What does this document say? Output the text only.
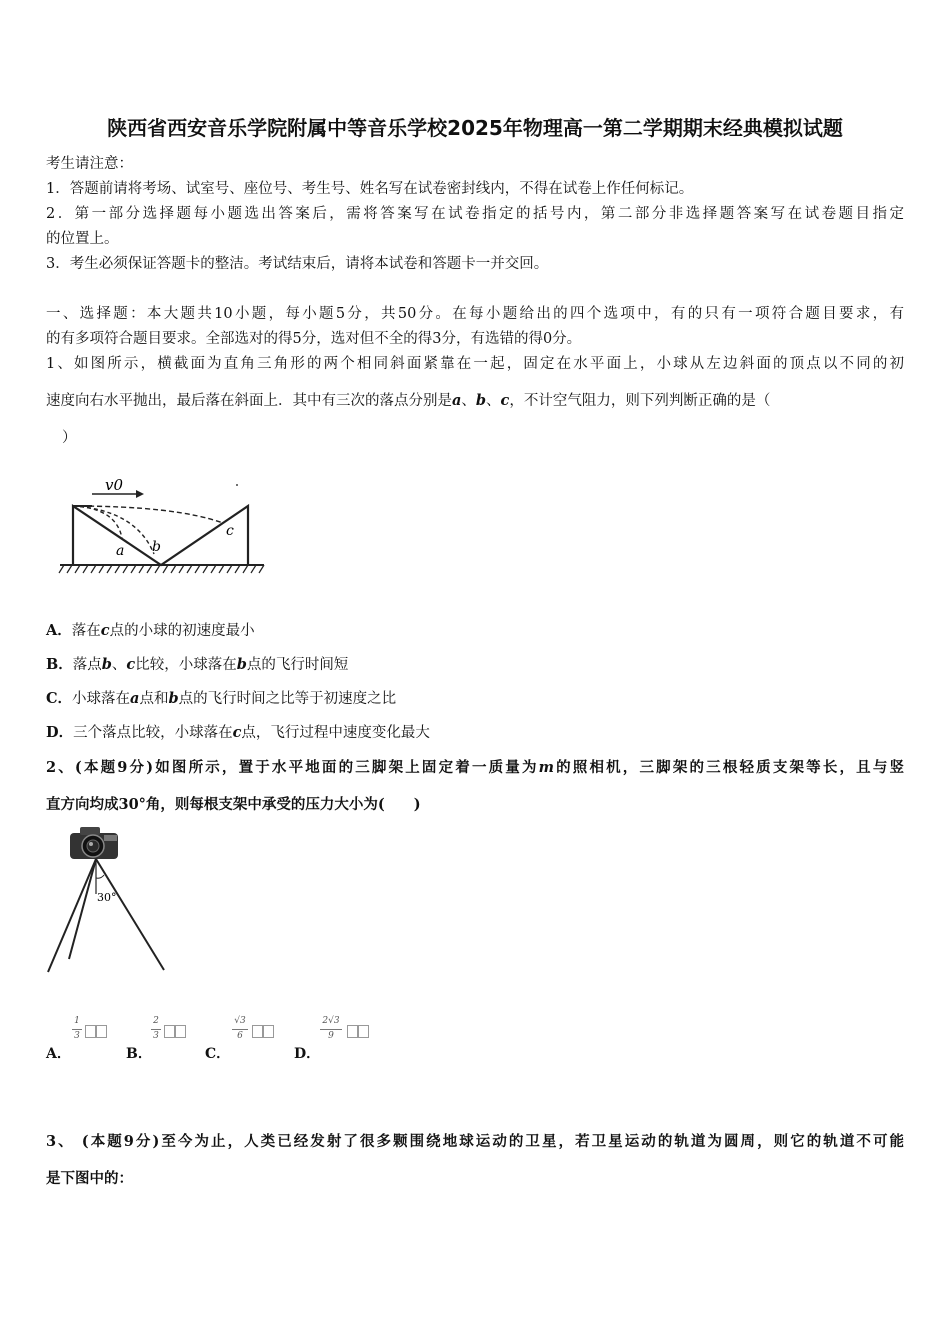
陕西省西安音乐学院附属中等音乐学校2025年物理高一第二学期期末经典模拟试题
考生请注意：
1．答题前请将考场、试室号、座位号、考生号、姓名写在试卷密封线内，不得在试卷上作任何标记。
2．第一部分选择题每小题选出答案后，需将答案写在试卷指定的括号内，第二部分非选择题答案写在试卷题目指定
的位置上。
3．考生必须保证答题卡的整洁。考试结束后，请将本试卷和答题卡一并交回。
一、选择题：本大题共10小题，每小题5分，共50分。在每小题给出的四个选项中，有的只有一项符合题目要求，有
的有多项符合题目要求。全部选对的得5分，选对但不全的得3分，有选错的得0分。
1、如图所示，横截面为直角三角形的两个相同斜面紧靠在一起，固定在水平面上，小球从左边斜面的顶点以不同的初
速度向右水平抛出，最后落在斜面上．其中有三次的落点分别是a、b、c，不计空气阻力，则下列判断正确的是（
）
v0
a b
c
A．落在c点的小球的初速度最小
B．落点b、c比较，小球落在b点的飞行时间短
C．小球落在a点和b点的飞行时间之比等于初速度之比
D．三个落点比较，小球落在c点，飞行过程中速度变化最大
2、(本题9分)如图所示，置于水平地面的三脚架上固定着一质量为m的照相机，三脚架的三根轻质支架等长，且与竖
直方向均成30°角，则每根支架中承受的压力大小为(　　)
30°
A．
1
3
B．
2
3
C．
√3
6
D．
2√3
9
3、 (本题9分)至今为止，人类已经发射了很多颗围绕地球运动的卫星，若卫星运动的轨道为圆周，则它的轨道不可能
是下图中的：
